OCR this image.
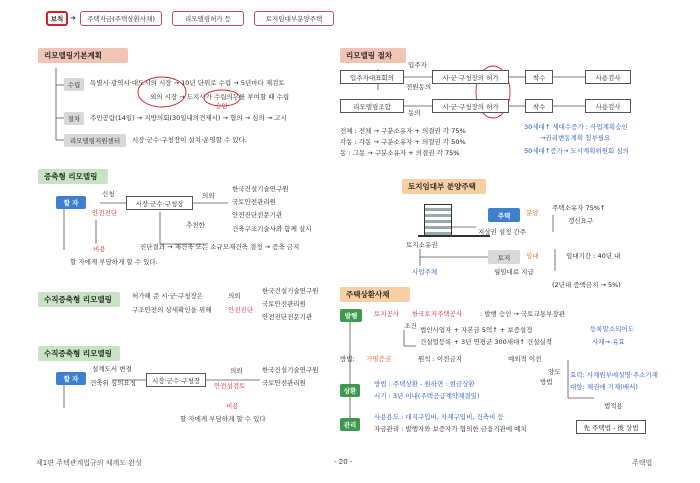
보칙	주택자금(주택상환사채)	리모델링허가 등	토지임대부분양주택
➔
리모델링기본계획
수립	특별시·광역시·대도시의 시장 → 10년 단위로 수립 → 5년마다 재검토
외의 시장 → 도지사가 수립의무를 부여할 때 수립
승인
절차	주민공람(14일) → 지방의회(30일내의견제시) → 협의 → 심의 → 고시
리모델링지원센터	시장·군수·구청장이 설치·운영할 수 있다.
리모델링 절차
입주자대표회의
입주자
전원동의
시·군·구청장의 허가	착수	사용검사
리모델링조합
동의
시·군·구청장의 허가	착수	사용검사
전체 : 전체 → 구분소유자 + 의결권 각 75%
각동 : 각동 → 구분소유자 + 의결권 각 50%
동 : 그동 → 구분소유자 + 의결권 각 75%
30세대↑ 세대수증가 : 사업계획승인
→권리변동계획 첨부필요
50세대↑증가→ 도시계획위원회 심의
증축형 리모델링
할 자
신청
안전진단
시장·군수·구청장
의뢰
한국건설기술연구원
국토안전관리원
안전진단전문기관
추천한	건축구조기술사와 함께 실시
비용	진단결과 → 재건축 또는 소규모재건축 결정 → 증축 금지
할 자에게 부담하게 할 수 있다.
수직증축형 리모델링	허가해 준 시·군·구청장은
구조안전의 상세확인을 위해
의뢰
안전진단
한국건설기술연구원
국토안전관리원
안전진단전문기관
수직증축형 리모델링
할 자
설계도서 변경
건축위 심의요청	시장·군수·구청장
의뢰
안전성검토
한국건설기술연구원
국토안전관리원
비용
할 자에게 부담하게 할 수 있다
토지임대부 분양주택
주택	분양
주택소유자 75%↑
갱신요구
지상권 설정 간주
토지소유권
토지	임대	임대기간 : 40년 내
사업주체	월임대료 지급
(2년내 증액금지 → 5%)
주택상환사채
발행	토지공사 한국토지주택공사	: 발행 승인 → 국토교통부장관
조건 법인사업자 + 자본금 5억↑ + 보증설정
건설업등록 + 3년 연평균 300세대↑ 건설실적
등록말소되어도
사채→ 유효
방법: 기명증권	원칙 : 이전금지	예외적 이전
상환
방법 : 주택상환 - 원하면 : 현금상환
시기 : 3년 이내(주택공급계약체결일)
양도
방법
효력: 사채원부에성명·주소기재
대항: 채권에 기재(배서)
관리
사용용도 : 대지구입비, 자재구입비, 건축비 등
자금관리 : 발행자와 보증자가 협의한 금융기관에 예치
법적용
先 주택법 - 後 상법
제1편 주택관계법규의 체계도 완성	- 20 -	주택법
